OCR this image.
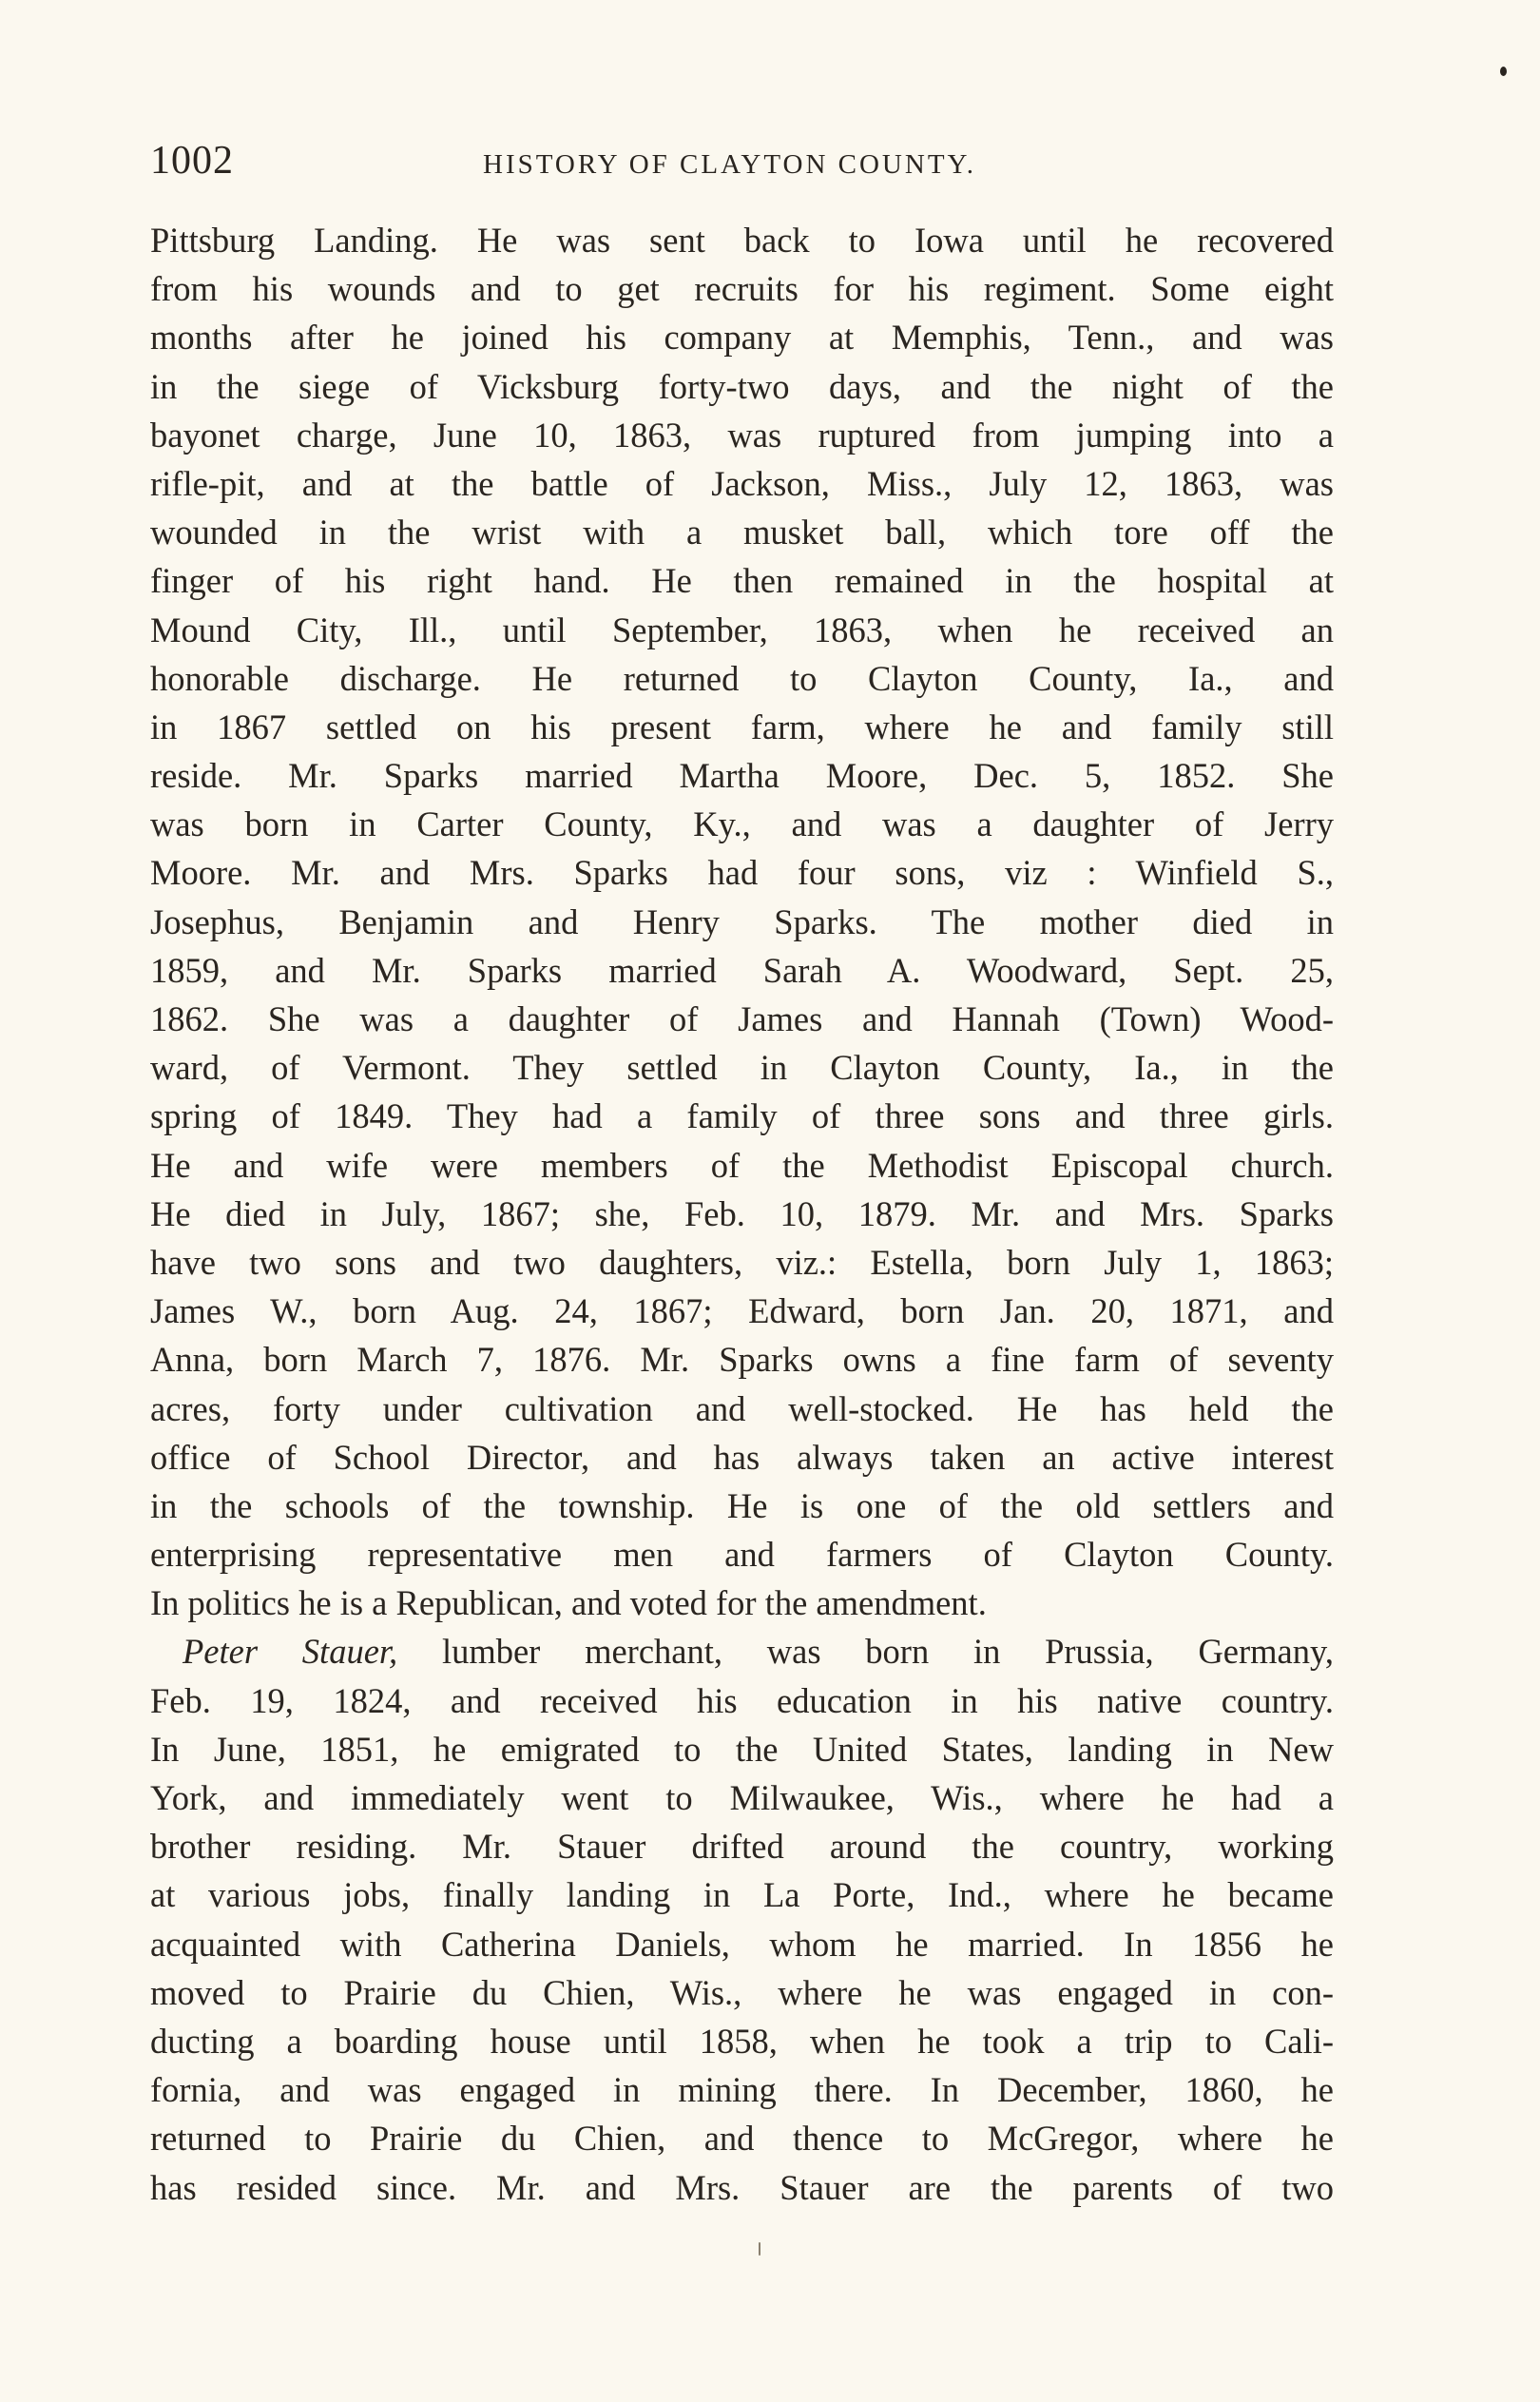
1002	HISTORY OF CLAYTON COUNTY.
Pittsburg Landing. He was sent back to Iowa until he recovered
from his wounds and to get recruits for his regiment. Some eight
months after he joined his company at Memphis, Tenn., and was
in the siege of Vicksburg forty-two days, and the night of the
bayonet charge, June 10, 1863, was ruptured from jumping into a
rifle-pit, and at the battle of Jackson, Miss., July 12, 1863, was
wounded in the wrist with a musket ball, which tore off the
finger of his right hand. He then remained in the hospital at
Mound City, Ill., until September, 1863, when he received an
honorable discharge. He returned to Clayton County, Ia., and
in 1867 settled on his present farm, where he and family still
reside. Mr. Sparks married Martha Moore, Dec. 5, 1852. She
was born in Carter County, Ky., and was a daughter of Jerry
Moore. Mr. and Mrs. Sparks had four sons, viz : Winfield S.,
Josephus, Benjamin and Henry Sparks. The mother died in
1859, and Mr. Sparks married Sarah A. Woodward, Sept. 25,
1862. She was a daughter of James and Hannah (Town) Wood-
ward, of Vermont. They settled in Clayton County, Ia., in the
spring of 1849. They had a family of three sons and three girls.
He and wife were members of the Methodist Episcopal church.
He died in July, 1867; she, Feb. 10, 1879. Mr. and Mrs. Sparks
have two sons and two daughters, viz.: Estella, born July 1, 1863;
James W., born Aug. 24, 1867; Edward, born Jan. 20, 1871, and
Anna, born March 7, 1876. Mr. Sparks owns a fine farm of seventy
acres, forty under cultivation and well-stocked. He has held the
office of School Director, and has always taken an active interest
in the schools of the township. He is one of the old settlers and
enterprising representative men and farmers of Clayton County.
In politics he is a Republican, and voted for the amendment.
Peter Stauer, lumber merchant, was born in Prussia, Germany,
Feb. 19, 1824, and received his education in his native country.
In June, 1851, he emigrated to the United States, landing in New
York, and immediately went to Milwaukee, Wis., where he had a
brother residing. Mr. Stauer drifted around the country, working
at various jobs, finally landing in La Porte, Ind., where he became
acquainted with Catherina Daniels, whom he married. In 1856 he
moved to Prairie du Chien, Wis., where he was engaged in con-
ducting a boarding house until 1858, when he took a trip to Cali-
fornia, and was engaged in mining there. In December, 1860, he
returned to Prairie du Chien, and thence to McGregor, where he
has resided since. Mr. and Mrs. Stauer are the parents of two
